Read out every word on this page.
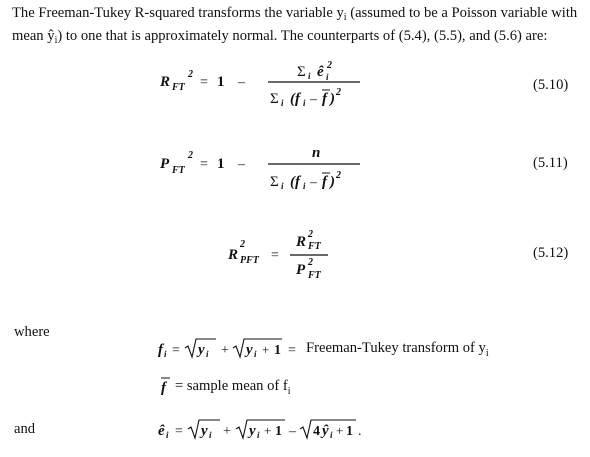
The Freeman-Tukey R-squared transforms the variable $y_i$ (assumed to be a Poisson variable with
mean $ŷ_i$) to one that is approximately normal. The counterparts of (5.4), (5.5), and (5.6) are:
R FT
2
= 1 –
Σ i ê i
2
Σ i (f i – f ) 2	(5.10)
P FT
2
= 1 –
n
Σ i (f i – f ) 2
(5.11)
R
2
PFT =
R 2
FT
P 2
FT
(5.12)
where
f i = y i + y i + 1 = Freeman-Tukey transform of $y_i$
f = sample mean of $f_i$
and	ê i = y i + y i + 1 – 4 ŷ i + 1 .
